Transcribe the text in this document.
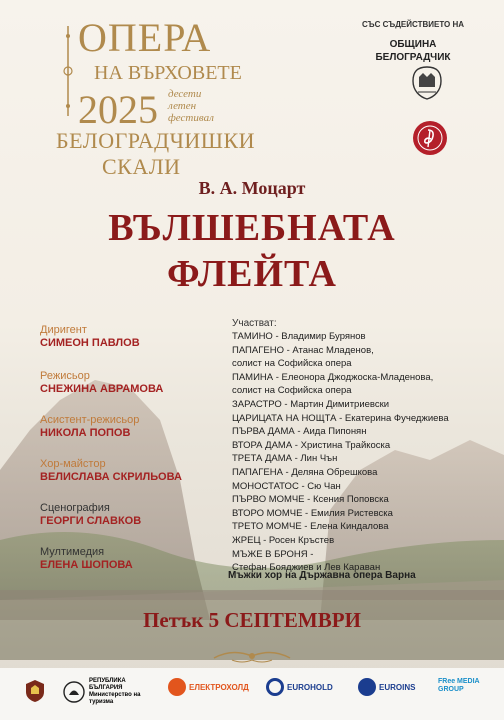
ОПЕРА
НА ВЪРХОВЕТЕ
2025 десети летен фестивал
БЕЛОГРАДЧИШКИ
СКАЛИ
СЪС СЪДЕЙСТВИЕТО НА
ОБЩИНА
БЕЛОГРАДЧИК
В. А. Моцарт
ВЪЛШЕБНАТА
ФЛЕЙТА
Диригент
СИМЕОН ПАВЛОВ
Режисьор
СНЕЖИНА АВРАМОВА
Асистент-режисьор
НИКОЛА ПОПОВ
Хор-майстор
ВЕЛИСЛАВА СКРИЛЬОВА
Сценография
ГЕОРГИ СЛАВКОВ
Мултимедия
ЕЛЕНА ШОПОВА
Участват:
ТАМИНО - Владимир Бурянов
ПАПАГЕНО - Атанас Младенов,
солист на Софийска опера
ПАМИНА - Елеонора Джоджоска-Младенова,
солист на Софийска опера
ЗАРАСТРО - Мартин Димитриевски
ЦАРИЦАТА НА НОЩТА - Екатерина Фучеджиева
ПЪРВА ДАМА - Аида Пипонян
ВТОРА ДАМА - Христина Трайкоска
ТРЕТА ДАМА - Лин Чън
ПАПАГЕНА - Деляна Обрешкова
МОНОСТАТОС - Сю Чан
ПЪРВО МОМЧЕ - Ксения Поповска
ВТОРО МОМЧЕ - Емилия Ристевска
ТРЕТО МОМЧЕ - Елена Киндалова
ЖРЕЦ - Росен Кръстев
МЪЖЕ В БРОНЯ -
Стефан Бояджиев и Лев Караван
Мъжки хор на Държавна опера Варна
Петък 5 СЕПТЕМВРИ
РЕПУБЛИКА БЪЛГАРИЯ Министерство на туризма
ЕЛЕКТРОХОЛД	EUROHOLD	EUROINS
FRee MEDIA GROUP
